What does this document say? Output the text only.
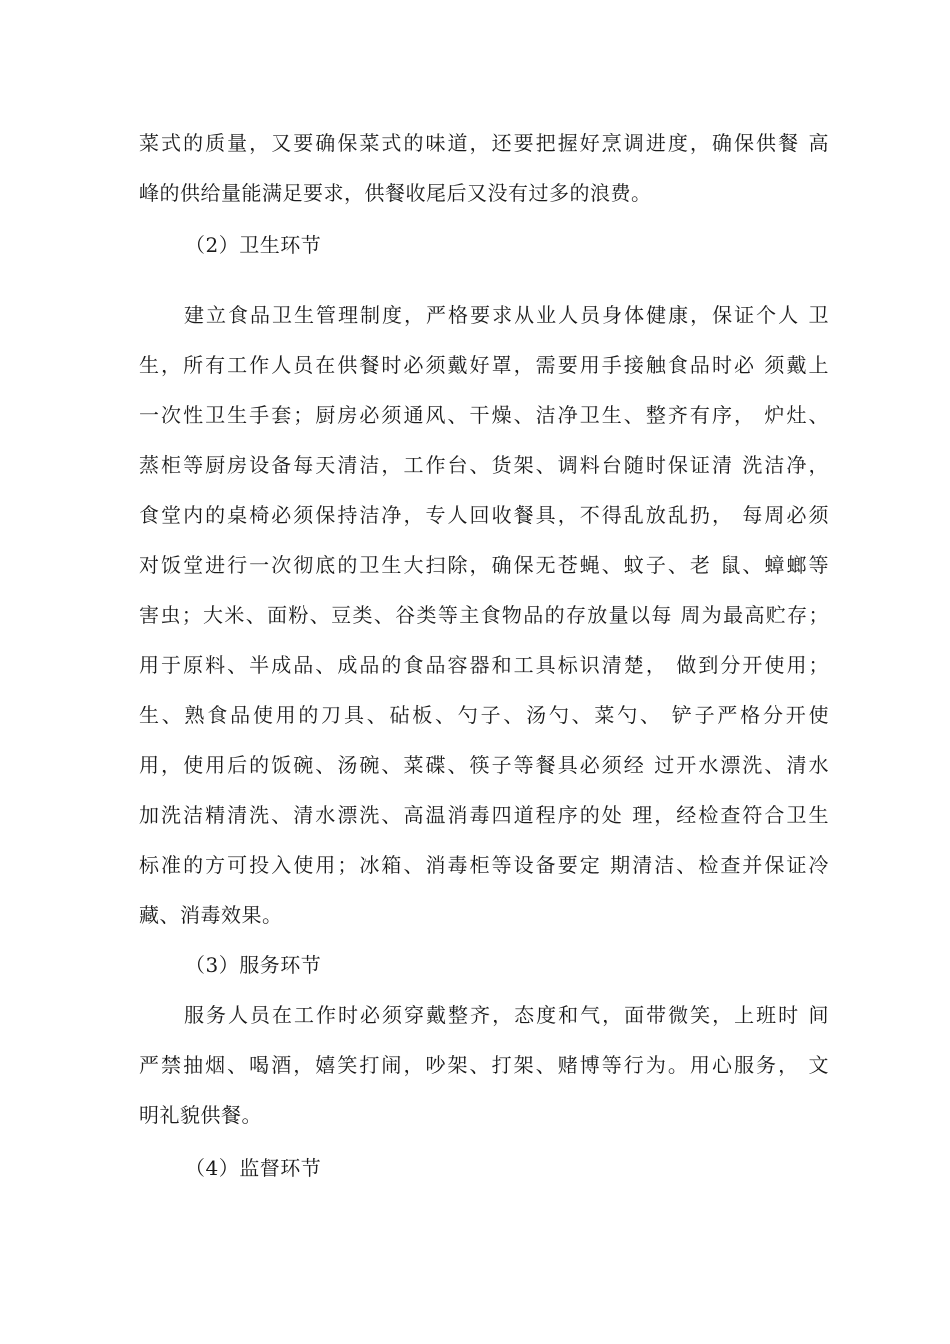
菜式的质量，又要确保菜式的味道，还要把握好烹调进度，确保供餐 高
峰的供给量能满足要求，供餐收尾后又没有过多的浪费。
（2）卫生环节
建立食品卫生管理制度，严格要求从业人员身体健康，保证个人 卫
生，所有工作人员在供餐时必须戴好罩，需要用手接触食品时必 须戴上
一次性卫生手套；厨房必须通风、干燥、洁净卫生、整齐有序， 炉灶、
蒸柜等厨房设备每天清洁，工作台、货架、调料台随时保证清 洗洁净，
食堂内的桌椅必须保持洁净，专人回收餐具，不得乱放乱扔， 每周必须
对饭堂进行一次彻底的卫生大扫除，确保无苍蝇、蚊子、老 鼠、蟑螂等
害虫；大米、面粉、豆类、谷类等主食物品的存放量以每 周为最高贮存；
用于原料、半成品、成品的食品容器和工具标识清楚， 做到分开使用；
生、熟食品使用的刀具、砧板、勺子、汤勺、菜勺、 铲子严格分开使
用，使用后的饭碗、汤碗、菜碟、筷子等餐具必须经 过开水漂洗、清水
加洗洁精清洗、清水漂洗、高温消毒四道程序的处 理，经检查符合卫生
标准的方可投入使用；冰箱、消毒柜等设备要定 期清洁、检查并保证冷
藏、消毒效果。
（3）服务环节
服务人员在工作时必须穿戴整齐，态度和气，面带微笑，上班时 间
严禁抽烟、喝酒，嬉笑打闹，吵架、打架、赌博等行为。用心服务， 文
明礼貌供餐。
（4）监督环节
